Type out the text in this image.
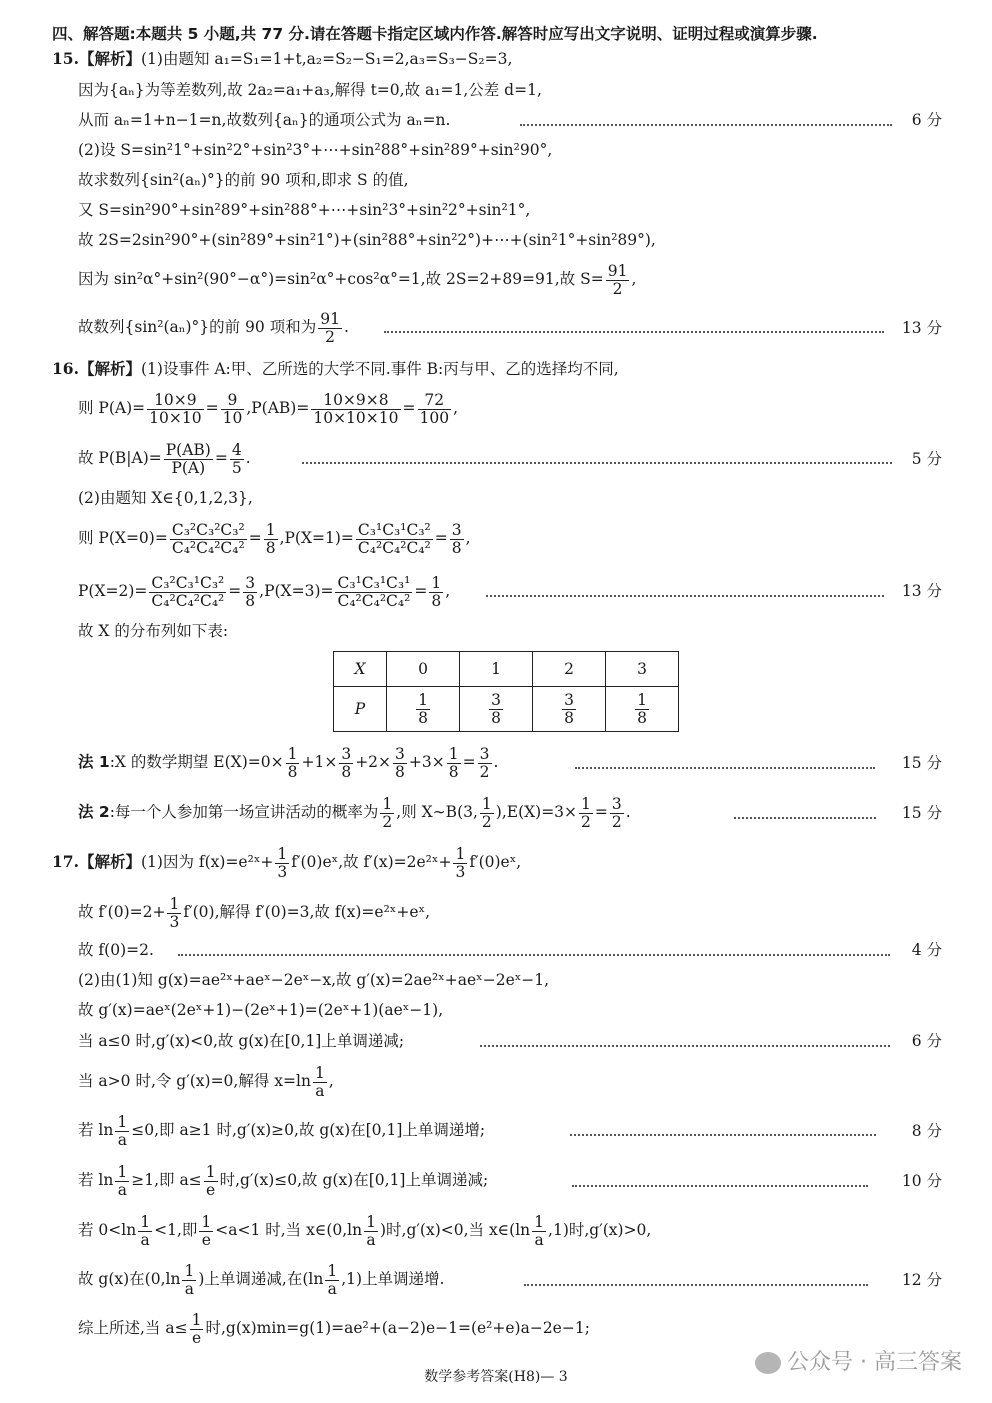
四、解答题:本题共 5 小题,共 77 分.请在答题卡指定区域内作答.解答时应写出文字说明、证明过程或演算步骤.
15.【解析】(1)由题知 a₁=S₁=1+t,a₂=S₂−S₁=2,a₃=S₃−S₂=3,
因为{aₙ}为等差数列,故 2a₂=a₁+a₃,解得 t=0,故 a₁=1,公差 d=1,
从而 aₙ=1+n−1=n,故数列{aₙ}的通项公式为 aₙ=n.	6 分
(2)设 S=sin²1°+sin²2°+sin²3°+⋯+sin²88°+sin²89°+sin²90°,
故求数列{sin²(aₙ)°}的前 90 项和,即求 S 的值,
又 S=sin²90°+sin²89°+sin²88°+⋯+sin²3°+sin²2°+sin²1°,
故 2S=2sin²90°+(sin²89°+sin²1°)+(sin²88°+sin²2°)+⋯+(sin²1°+sin²89°),
因为 sin²α°+sin²(90°−α°)=sin²α°+cos²α°=1,故 2S=2+89=91,故 $S= \frac{91}{2}$ ,
故数列{sin²(aₙ)°}的前 90 项和为 $\frac{91}{2}$ .	13 分
16.【解析】(1)设事件 A:甲、乙所选的大学不同.事件 B:丙与甲、乙的选择均不同,
则 $P(A)= \frac{10\times 9}{10\times 10} = \frac{9}{10} ,P(AB)= \frac{10\times 9\times 8}{10\times 10\times 10} = \frac{72}{100}$ ,
故 $P(B|A)= \frac{P(AB)}{P(A)} = \frac{4}{5}$ .	5 分
(2)由题知 X∈{0,1,2,3},
则 $P(X=0)= \frac{\text{C₃²C₃²C₃²}}{\text{C₄²C₄²C₄²}} = \frac{1}{8} ,P(X=1)= \frac{\text{C₃¹C₃¹C₃²}}{\text{C₄²C₄²C₄²}} = \frac{3}{8}$ ,
$P(X=2)= \frac{\text{C₃²C₃¹C₃²}}{\text{C₄²C₄²C₄²}} = \frac{3}{8} ,P(X=3)= \frac{\text{C₃¹C₃¹C₃¹}}{\text{C₄²C₄²C₄²}} = \frac{1}{8}$ ,	13 分
故 X 的分布列如下表:
X	0	1	2	3
P	$\frac{1}{8}$	$\frac{3}{8}$	$\frac{3}{8}$	$\frac{1}{8}$
法 1:X 的数学期望 $E(X)=0\times \frac{1}{8} +1\times \frac{3}{8} +2\times \frac{3}{8} +3\times \frac{1}{8} = \frac{3}{2}$ .	15 分
法 2:每一个人参加第一场宣讲活动的概率为 $\frac{1}{2}$ ,则 X∼B(3, $\frac{1}{2} ),E(X)=3\times \frac{1}{2} = \frac{3}{2}$ .	15 分
17.【解析】(1)因为 f(x)=e²ˣ+ $\frac{1}{3}$ f′(0)eˣ,故 f′(x)=2e²ˣ+ $\frac{1}{3}$ f′(0)eˣ,
故 $f'(0)=2+ \frac{1}{3} f'(0)$,解得 f′(0)=3,故 f(x)=e²ˣ+eˣ,
故 f(0)=2.	4 分
(2)由(1)知 g(x)=ae²ˣ+aeˣ−2eˣ−x,故 g′(x)=2ae²ˣ+aeˣ−2eˣ−1,
故 g′(x)=aeˣ(2eˣ+1)−(2eˣ+1)=(2eˣ+1)(aeˣ−1),
当 a≤0 时,g′(x)<0,故 g(x)在[0,1]上单调递减;	6 分
当 a>0 时,令 g′(x)=0,解得 $x=\ln \frac{1}{a}$ ,
若 $\ln \frac{1}{a} \le 0$,即 a≥1 时,g′(x)≥0,故 g(x)在[0,1]上单调递增;	8 分
若 $\ln \frac{1}{a} \ge 1$,即 $a\le \frac{1}{e}$ 时,g′(x)≤0,故 g(x)在[0,1]上单调递减;	10 分
若 $0<\ln \frac{1}{a} <1$,即 $\frac{1}{e} <a<1$ 时,当 x∈(0,ln $\frac{1}{a}$ )时,g′(x)<0,当 x∈(ln $\frac{1}{a} ,1$)时,g′(x)>0,
故 g(x)在($0,\ln \frac{1}{a}$ )上单调递减,在$(\ln \frac{1}{a} ,1)$上单调递增.	12 分
综上所述,当 $a\le \frac{1}{e}$ 时,g(x)min=g(1)=ae²+(a−2)e−1=(e²+e)a−2e−1;
公众号 · 高三答案
数学参考答案(H8)— 3
